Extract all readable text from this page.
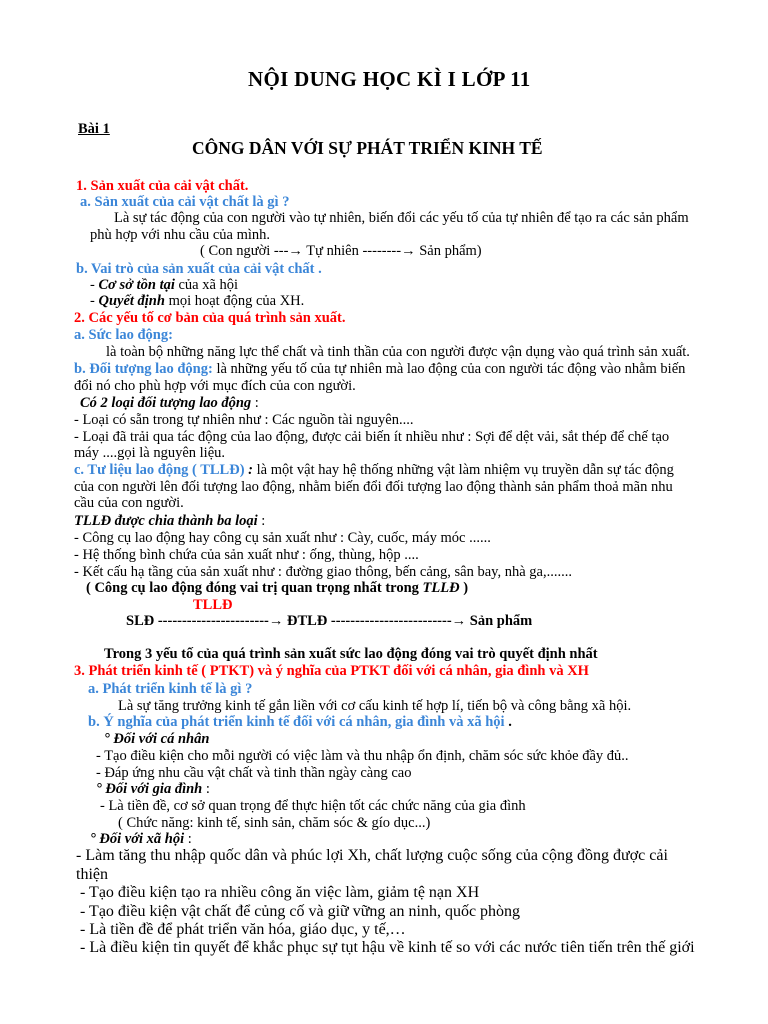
NỘI DUNG HỌC KÌ I LỚP 11
Bài 1
CÔNG DÂN VỚI SỰ PHÁT TRIỂN KINH TẾ
1. Sản xuất của cải vật chất.
a. Sản xuất của cải vật chất là gì ?
Là sự tác động của con người vào tự nhiên, biến đổi các yếu tố của tự nhiên để tạo ra các sản phẩm
phù hợp với nhu cầu của mình.
( Con người ---→ Tự nhiên --------→ Sản phẩm)
b. Vai trò của sản xuất của cải vật chất .
- Cơ sở tồn tại của xã hội
- Quyết định mọi hoạt động của XH.
2. Các yếu tố cơ bản của quá trình sản xuất.
a. Sức lao động:
là toàn bộ những năng lực thể chất và tinh thần của con người được vận dụng vào quá trình sản xuất.
b. Đối tượng lao động: là những yếu tố của tự nhiên mà lao động của con người tác động vào nhằm biến
đổi nó cho phù hợp với mục đích của con người.
Có 2 loại đối tượng lao động :
- Loại có sẵn trong tự nhiên như : Các nguồn tài nguyên....
- Loại đã trải qua tác động của lao động, được cải biến ít nhiều như : Sợi để dệt vải, sắt thép để chế tạo
máy ....gọi là nguyên liệu.
c. Tư liệu lao động ( TLLĐ) : là một vật hay hệ thống những vật làm nhiệm vụ truyền dẫn sự tác động
của con người lên đối tượng lao động, nhằm biến đổi đối tượng lao động thành sản phẩm thoả mãn nhu
cầu của con người.
TLLĐ được chia thành ba loại :
- Công cụ lao động hay công cụ sản xuất như : Cày, cuốc, máy móc ......
- Hệ thống bình chứa của sản xuất như : ống, thùng, hộp ....
- Kết cấu hạ tầng của sản xuất như : đường giao thông, bến cảng, sân bay, nhà ga,.......
( Công cụ lao động đóng vai trị quan trọng nhất trong TLLĐ )
TLLĐ
SLĐ -----------------------→ ĐTLĐ -------------------------→ Sản phẩm
Trong 3 yếu tố của quá trình sản xuất sức lao động đóng vai trò quyết định nhất
3. Phát triển kinh tế ( PTKT) và ý nghĩa của PTKT đối với cá nhân, gia đình và XH
a. Phát triển kinh tế là gì ?
Là sự tăng trưởng kinh tế gắn liền với cơ cấu kinh tế hợp lí, tiến bộ và công bằng xã hội.
b. Ý nghĩa của phát triển kinh tế đối với cá nhân, gia đình và xã hội .
° Đối với cá nhân
- Tạo điều kiện cho mỗi người có việc làm và thu nhập ổn định, chăm sóc sức khỏe đầy đủ..
- Đáp ứng nhu cầu vật chất và tinh thần ngày càng cao
° Đối với gia đình :
- Là tiền đề, cơ sở quan trọng để thực hiện tốt các chức năng của gia đình
( Chức năng: kinh tế, sinh sản, chăm sóc & gío dục...)
° Đối với xã hội :
- Làm tăng thu nhập quốc dân và phúc lợi Xh, chất lượng cuộc sống của cộng đồng được cải
thiện
- Tạo điều kiện tạo ra nhiều công ăn việc làm, giảm tệ nạn XH
- Tạo điều kiện vật chất để củng cố và giữ vững an ninh, quốc phòng
- Là tiền đề để phát triển văn hóa, giáo dục, y tế,…
- Là điều kiện tin quyết để khắc phục sự tụt hậu về kinh tế so với các nước tiên tiến trên thế giới
